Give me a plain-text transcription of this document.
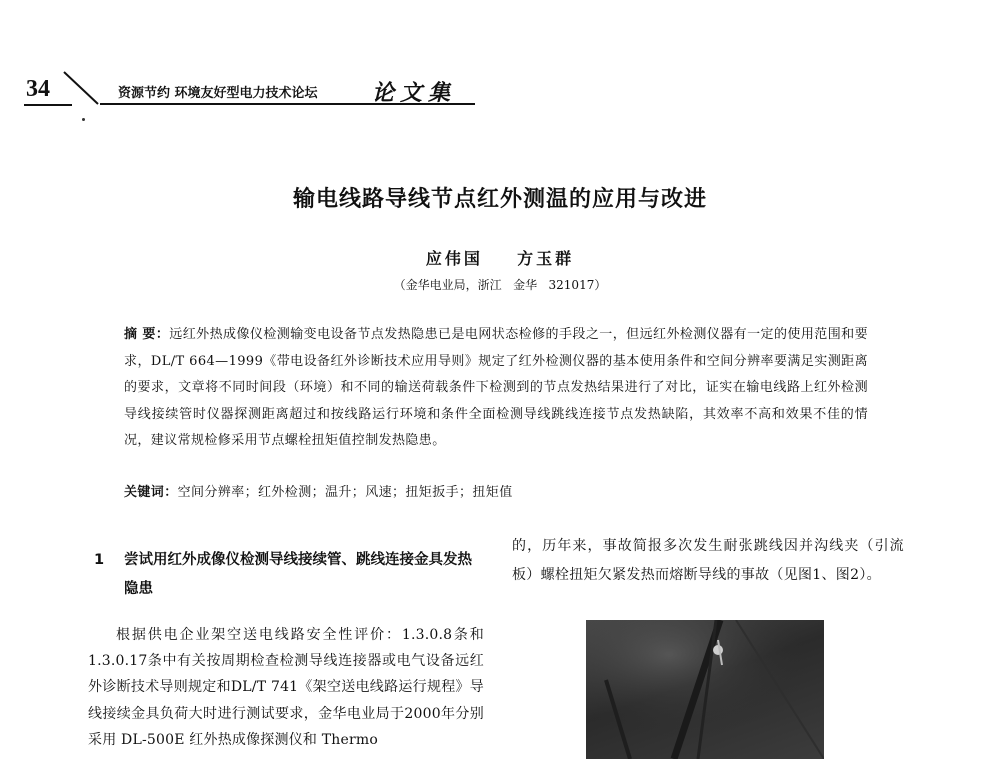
34	资源节约 环境友好型电力技术论坛 论文集
输电线路导线节点红外测温的应用与改进
应伟国    方玉群
（金华电业局，浙江   金华   321017）
摘 要：远红外热成像仪检测输变电设备节点发热隐患已是电网状态检修的手段之一，但远红外检测仪器有一定的使用范围和要求，DL/T 664—1999《带电设备红外诊断技术应用导则》规定了红外检测仪器的基本使用条件和空间分辨率要满足实测距离的要求，文章将不同时间段（环境）和不同的输送荷载条件下检测到的节点发热结果进行了对比，证实在输电线路上红外检测导线接续管时仪器探测距离超过和按线路运行环境和条件全面检测导线跳线连接节点发热缺陷，其效率不高和效果不佳的情况，建议常规检修采用节点螺栓扭矩值控制发热隐患。
关键词：空间分辨率；红外检测；温升；风速；扭矩扳手；扭矩值
1 尝试用红外成像仪检测导线接续管、跳线连接金具发热隐患

根据供电企业架空送电线路安全性评价：1.3.0.8条和1.3.0.17条中有关按周期检查检测导线连接器或电气设备远红外诊断技术导则规定和DL/T 741《架空送电线路运行规程》导线接续金具负荷大时进行测试要求，金华电业局于2000年分别采用 DL-500E 红外热成像探测仪和 Thermo

的，历年来，事故简报多次发生耐张跳线因并沟线夹（引流板）螺栓扭矩欠紧发热而熔断导线的事故（见图1、图2）。
